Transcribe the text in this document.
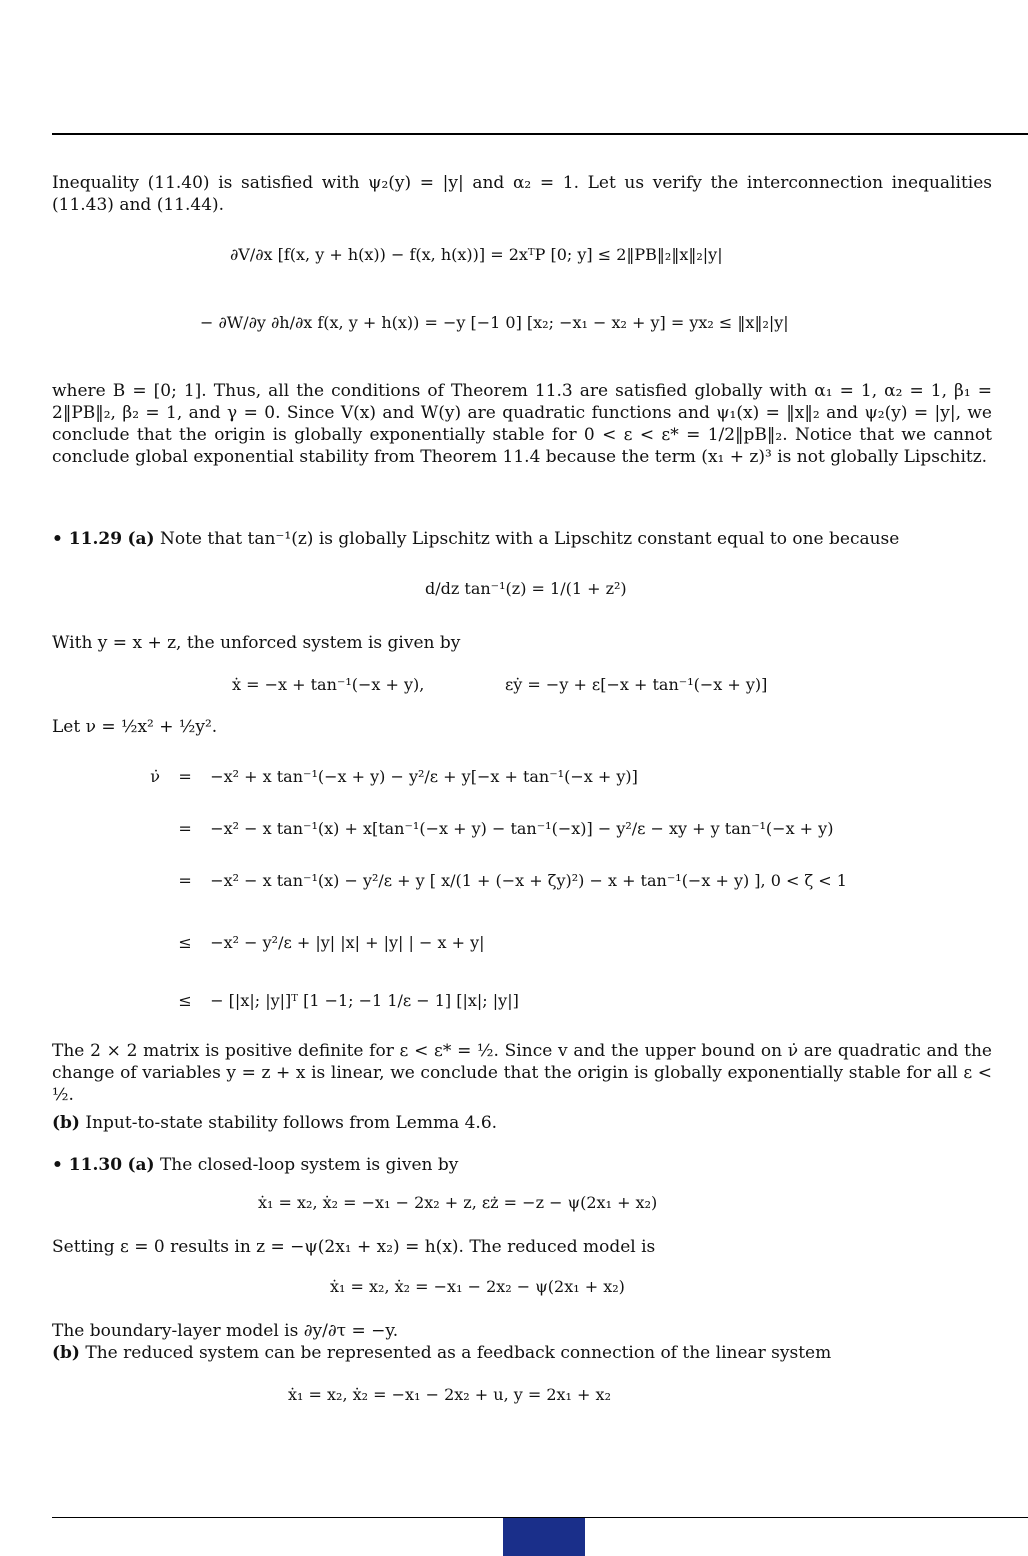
Inequality (11.40) is satisfied with ψ₂(y) = |y| and α₂ = 1. Let us verify the interconnection inequalities (11.43) and (11.44).
∂V/∂x [f(x, y + h(x)) − f(x, h(x))] = 2xᵀP [0; y] ≤ 2‖PB‖₂‖x‖₂|y|
− ∂W/∂y ∂h/∂x f(x, y + h(x)) = −y [−1 0] [x₂; −x₁ − x₂ + y] = yx₂ ≤ ‖x‖₂|y|
where B = [0; 1]. Thus, all the conditions of Theorem 11.3 are satisfied globally with α₁ = 1, α₂ = 1, β₁ = 2‖PB‖₂, β₂ = 1, and γ = 0. Since V(x) and W(y) are quadratic functions and ψ₁(x) = ‖x‖₂ and ψ₂(y) = |y|, we conclude that the origin is globally exponentially stable for 0 < ε < ε* = 1/2‖pB‖₂. Notice that we cannot conclude global exponential stability from Theorem 11.4 because the term (x₁ + z)³ is not globally Lipschitz.
• 11.29 (a) Note that tan⁻¹(z) is globally Lipschitz with a Lipschitz constant equal to one because
d/dz tan⁻¹(z) = 1/(1 + z²)
With y = x + z, the unforced system is given by
ẋ = −x + tan⁻¹(−x + y),	εẏ = −y + ε[−x + tan⁻¹(−x + y)]
Let ν = ½x² + ½y².
ν̇ = −x² + x tan⁻¹(−x + y) − y²/ε + y[−x + tan⁻¹(−x + y)]
= −x² − x tan⁻¹(x) + x[tan⁻¹(−x + y) − tan⁻¹(−x)] − y²/ε − xy + y tan⁻¹(−x + y)
= −x² − x tan⁻¹(x) − y²/ε + y [ x/(1 + (−x + ζy)²) − x + tan⁻¹(−x + y) ], 0 < ζ < 1
≤ −x² − y²/ε + |y| |x| + |y| | − x + y|
≤ − [|x|; |y|]ᵀ [1 −1; −1 1/ε − 1] [|x|; |y|]
The 2 × 2 matrix is positive definite for ε < ε* = ½. Since v and the upper bound on ν̇ are quadratic and the change of variables y = z + x is linear, we conclude that the origin is globally exponentially stable for all ε < ½.
(b) Input-to-state stability follows from Lemma 4.6.
• 11.30 (a) The closed-loop system is given by
ẋ₁ = x₂, ẋ₂ = −x₁ − 2x₂ + z, εż = −z − ψ(2x₁ + x₂)
Setting ε = 0 results in z = −ψ(2x₁ + x₂) = h(x). The reduced model is
ẋ₁ = x₂, ẋ₂ = −x₁ − 2x₂ − ψ(2x₁ + x₂)
The boundary-layer model is ∂y/∂τ = −y.
(b) The reduced system can be represented as a feedback connection of the linear system
ẋ₁ = x₂, ẋ₂ = −x₁ − 2x₂ + u, y = 2x₁ + x₂
